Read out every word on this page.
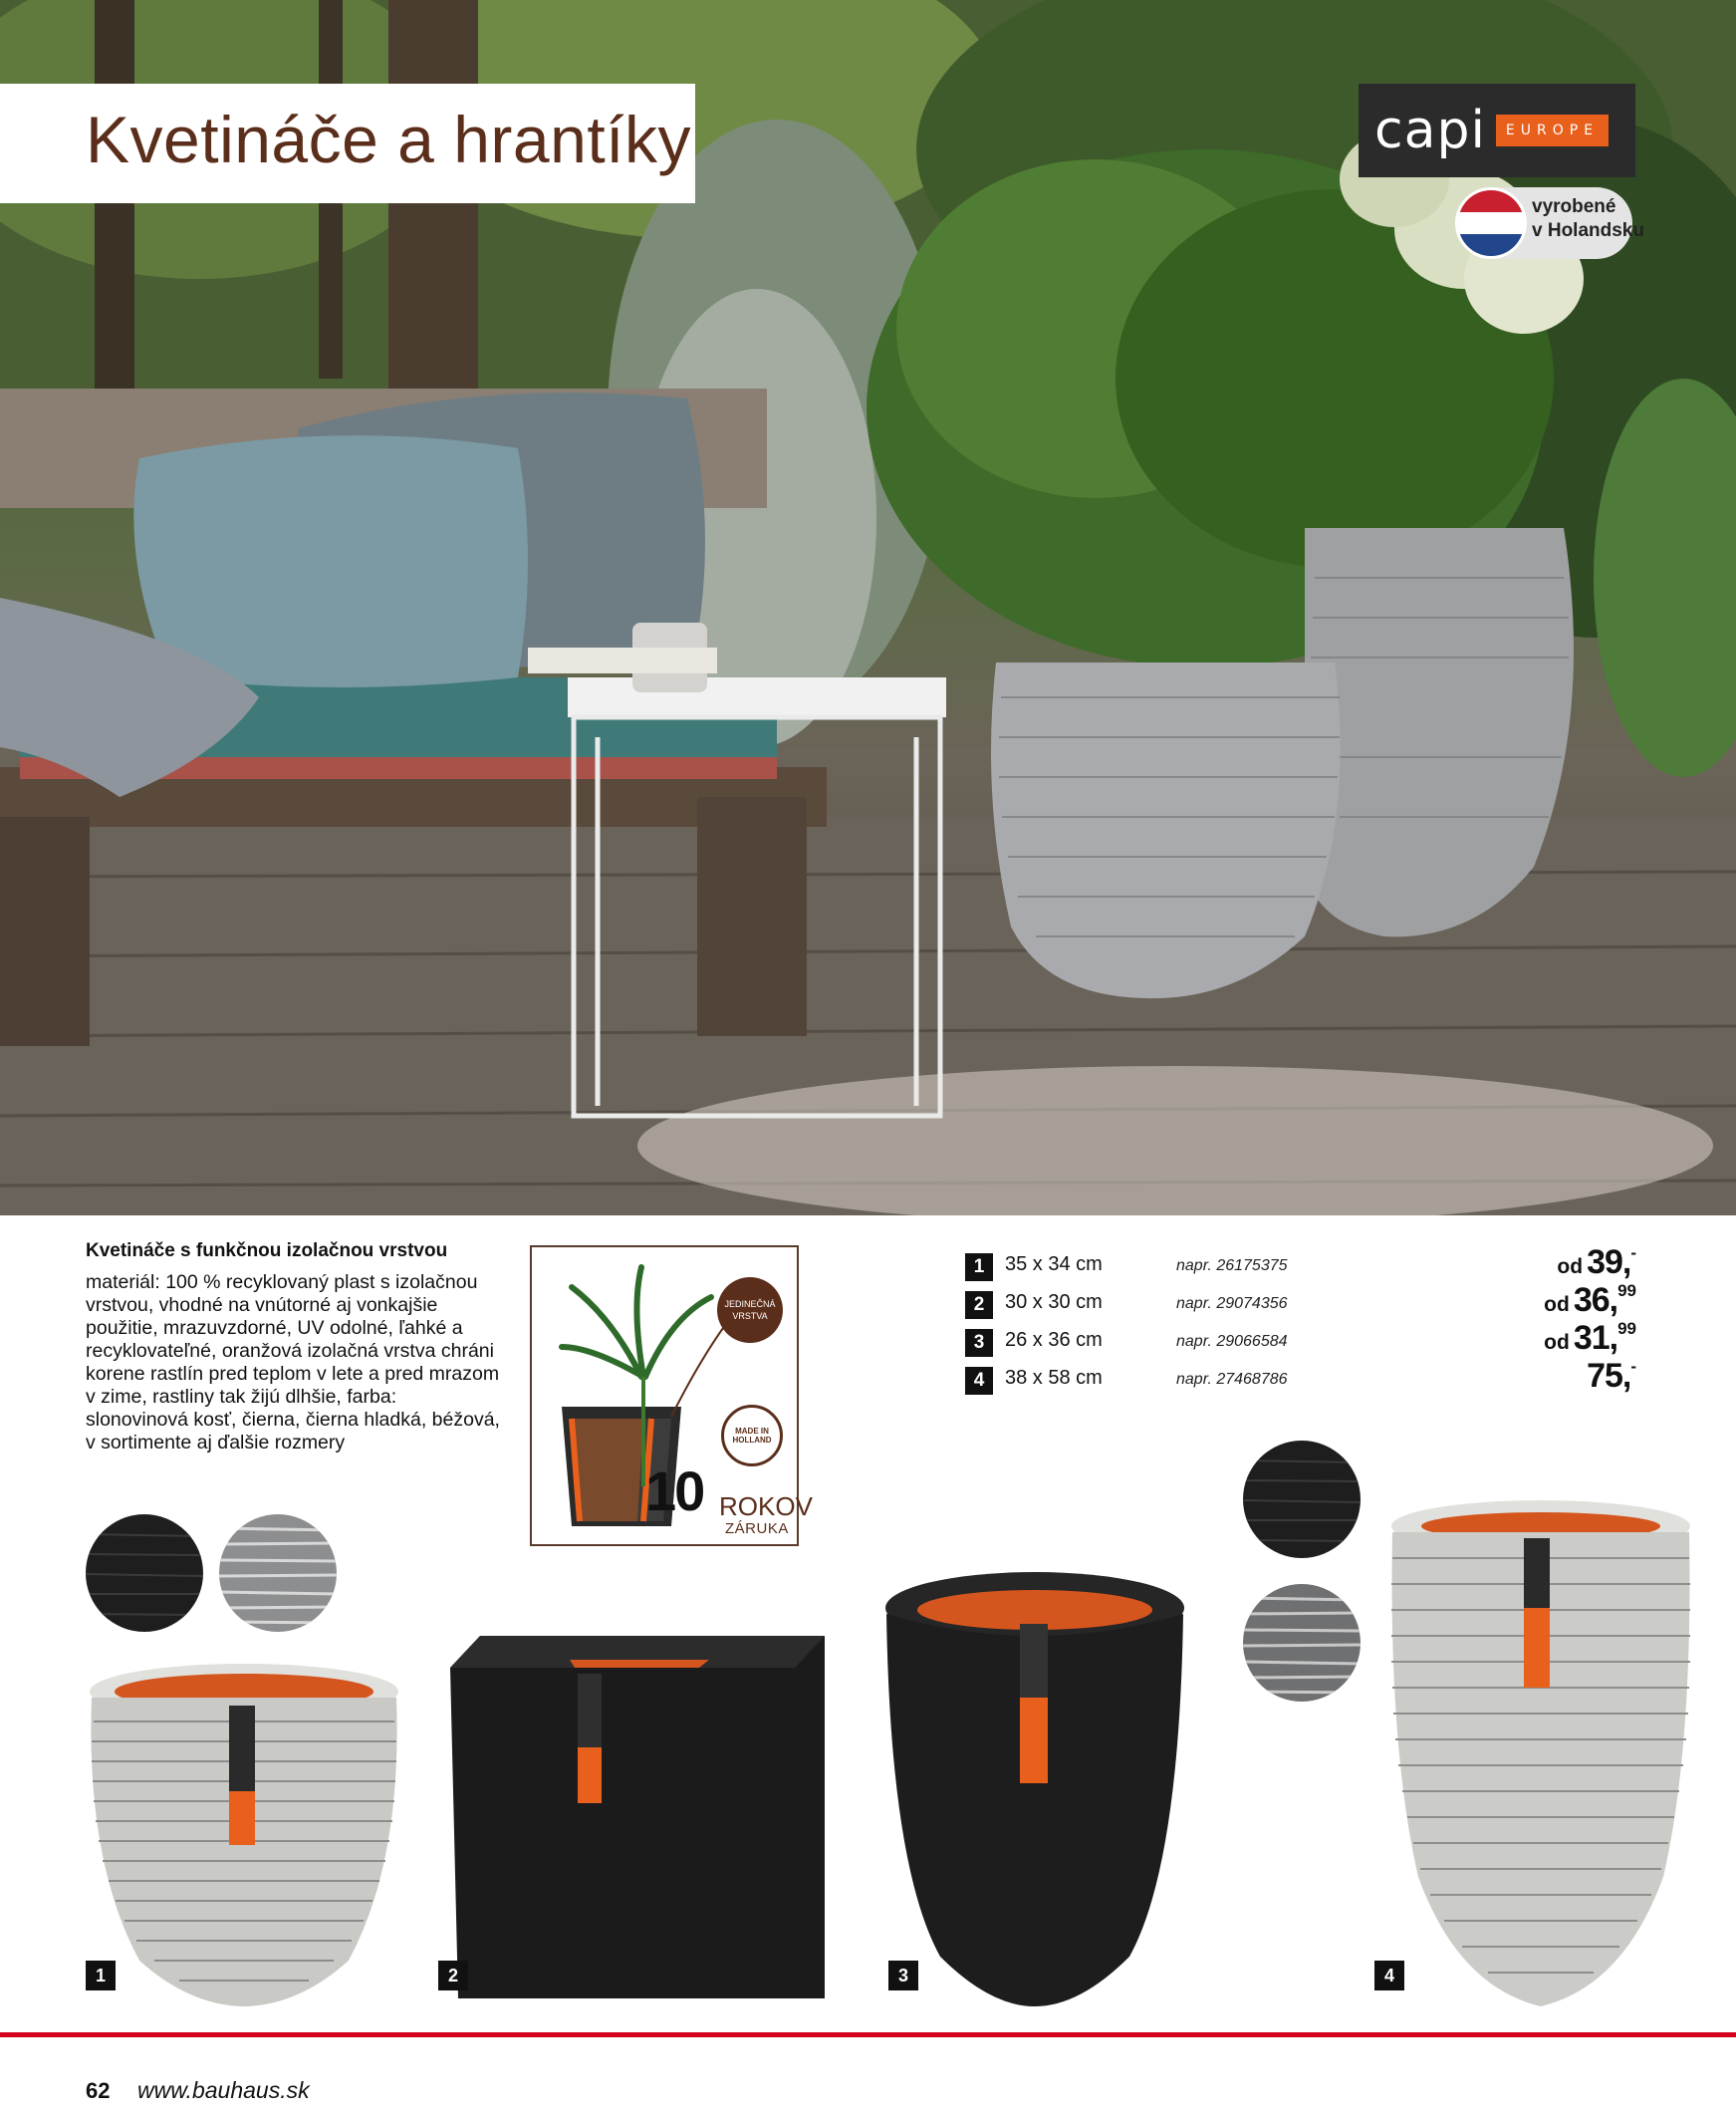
Kvetináče a hrantíky	capi	EUROPE
vyrobené
v Holandsku
Kvetináče s funkčnou izolačnou vrstvou
materiál: 100 % recyklovaný plast s izolačnou vrstvou, vhodné na vnútorné aj vonkajšie použitie, mrazuvzdorné, UV odolné, ľahké a recyklovateľné, oranžová izolačná vrstva chráni korene rastlín pred teplom v lete a pred mrazom v zime, rastliny tak žijú dlhšie, farba: slonovinová kosť, čierna, čierna hladká, béžová, v sortimente aj ďalšie rozmery
JEDINEČNÁ
VRSTVA
MADE IN
HOLLAND
10 ROKOV
ZÁRUKA
1	35 x 34 cm	napr. 26175375	od 39,-
2	30 x 30 cm	napr. 29074356	od 36,99
3	26 x 36 cm	napr. 29066584	od 31,99
4	38 x 58 cm	napr. 27468786	75,-
1	2	3	4
62 www.bauhaus.sk
